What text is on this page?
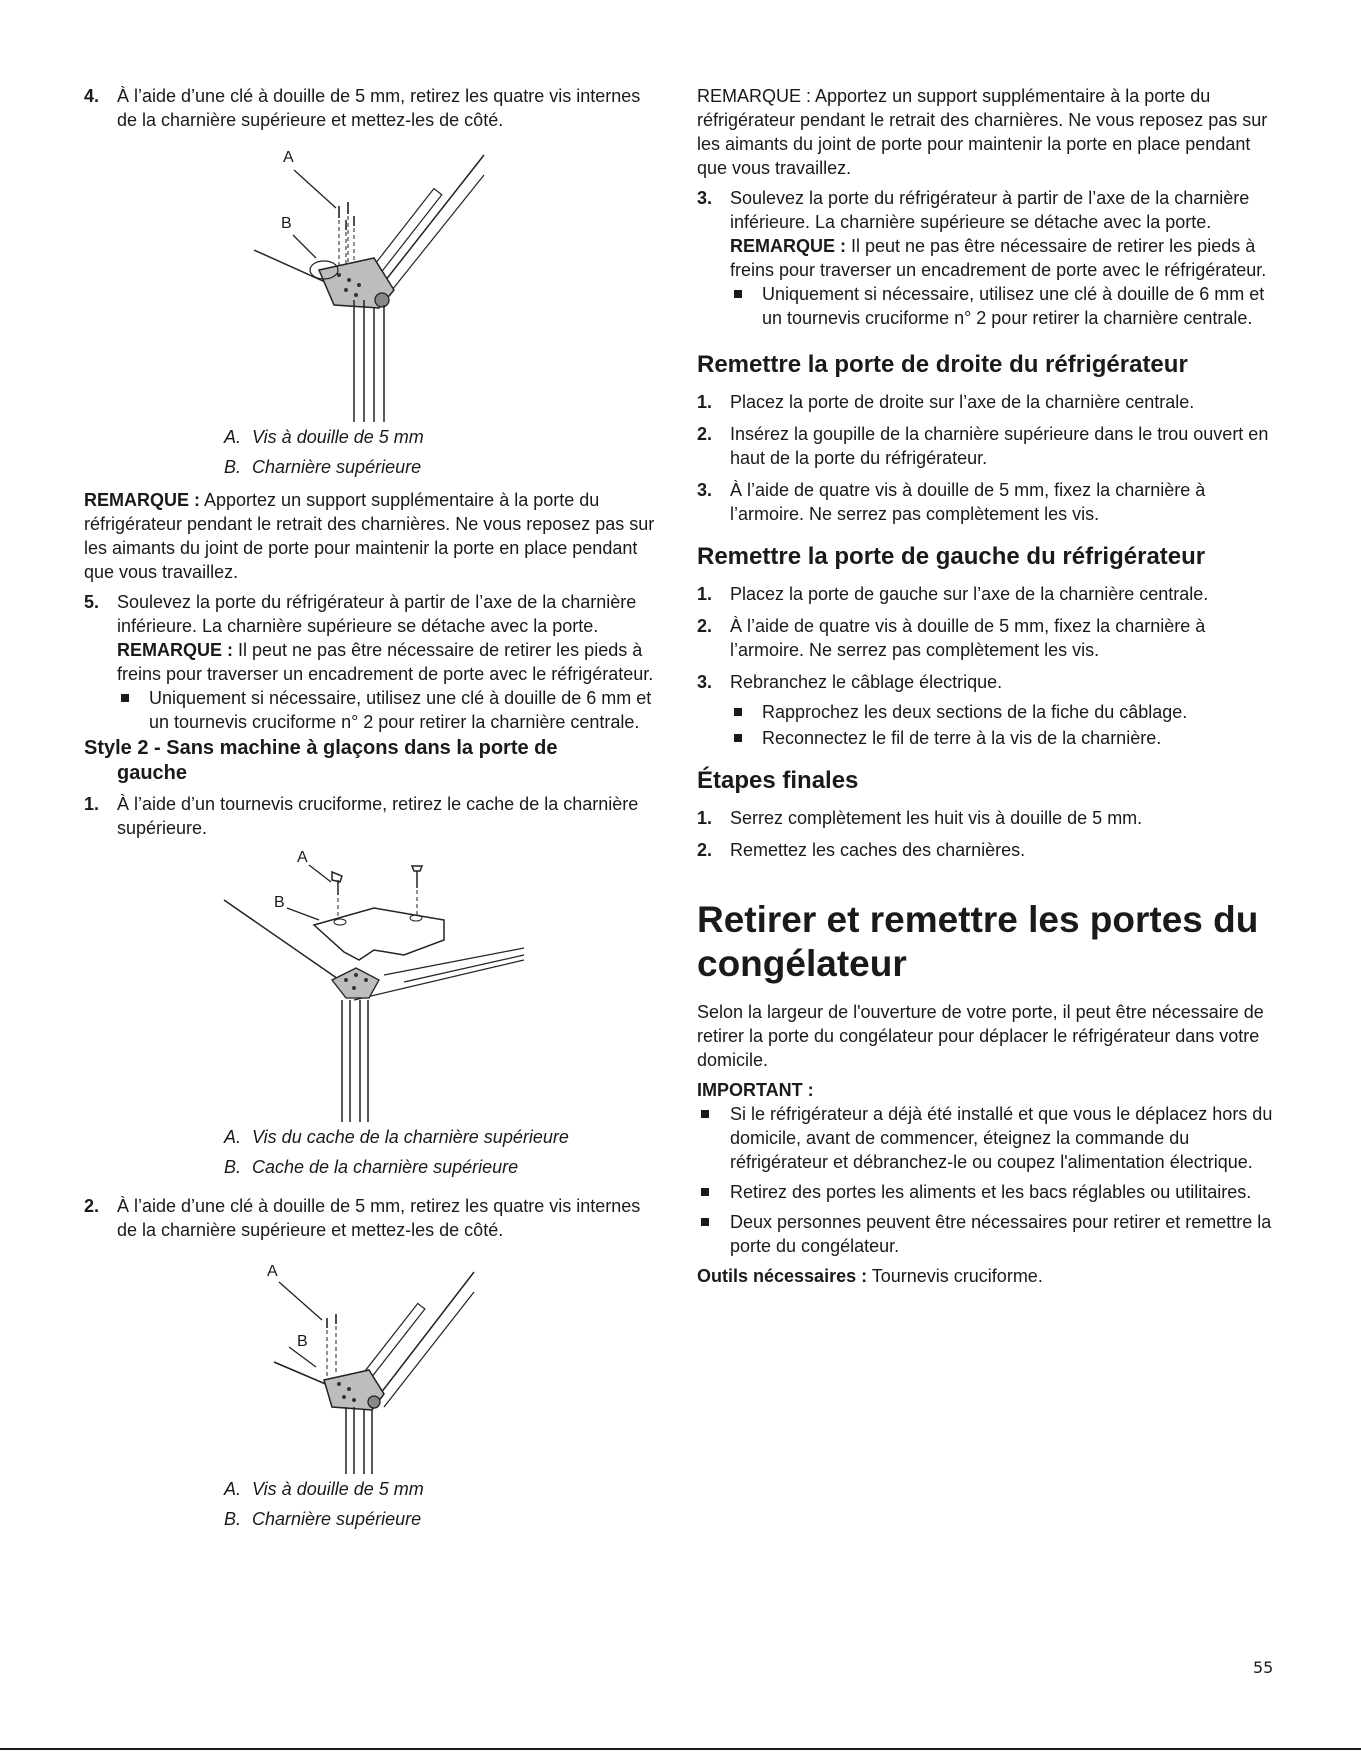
4. À l’aide d’une clé à douille de 5 mm, retirez les quatre vis internes de la charnière supérieure et mettez-les de côté.

A
B

A. Vis à douille de 5 mm

B. Charnière supérieure

REMARQUE : Apportez un support supplémentaire à la porte du réfrigérateur pendant le retrait des charnières. Ne vous reposez pas sur les aimants du joint de porte pour maintenir la porte en place pendant que vous travaillez.

5. Soulevez la porte du réfrigérateur à partir de l’axe de la charnière inférieure. La charnière supérieure se détache avec la porte.

REMARQUE : Il peut ne pas être nécessaire de retirer les pieds à freins pour traverser un encadrement de porte avec le réfrigérateur.

Uniquement si nécessaire, utilisez une clé à douille de 6 mm et un tournevis cruciforme n° 2 pour retirer la charnière centrale.

Style 2 - Sans machine à glaçons dans la porte de
gauche
1. À l’aide d’un tournevis cruciforme, retirez le cache de la charnière supérieure.

A
B

A. Vis du cache de la charnière supérieure

B. Cache de la charnière supérieure

2. À l’aide d’une clé à douille de 5 mm, retirez les quatre vis internes de la charnière supérieure et mettez-les de côté.

A
B

A. Vis à douille de 5 mm

B. Charnière supérieure

REMARQUE : Apportez un support supplémentaire à la porte du réfrigérateur pendant le retrait des charnières. Ne vous reposez pas sur les aimants du joint de porte pour maintenir la porte en place pendant que vous travaillez.

3. Soulevez la porte du réfrigérateur à partir de l’axe de la charnière inférieure. La charnière supérieure se détache avec la porte.

REMARQUE : Il peut ne pas être nécessaire de retirer les pieds à freins pour traverser un encadrement de porte avec le réfrigérateur.

Uniquement si nécessaire, utilisez une clé à douille de 6 mm et un tournevis cruciforme n° 2 pour retirer la charnière centrale.

Remettre la porte de droite du réfrigérateur
1. Placez la porte de droite sur l’axe de la charnière centrale.

2. Insérez la goupille de la charnière supérieure dans le trou ouvert en haut de la porte du réfrigérateur.

3. À l’aide de quatre vis à douille de 5 mm, fixez la charnière à l’armoire. Ne serrez pas complètement les vis.

Remettre la porte de gauche du réfrigérateur
1. Placez la porte de gauche sur l’axe de la charnière centrale.

2. À l’aide de quatre vis à douille de 5 mm, fixez la charnière à l’armoire. Ne serrez pas complètement les vis.

3. Rebranchez le câblage électrique.

Rapprochez les deux sections de la fiche du câblage.

Reconnectez le fil de terre à la vis de la charnière.

Étapes finales
1. Serrez complètement les huit vis à douille de 5 mm.

2. Remettez les caches des charnières.

Retirer et remettre les portes du
congélateur

Selon la largeur de l'ouverture de votre porte, il peut être nécessaire de retirer la porte du congélateur pour déplacer le réfrigérateur dans votre domicile.

IMPORTANT :

Si le réfrigérateur a déjà été installé et que vous le déplacez hors du domicile, avant de commencer, éteignez la commande du réfrigérateur et débranchez-le ou coupez l'alimentation électrique.

Retirez des portes les aliments et les bacs réglables ou utilitaires.

Deux personnes peuvent être nécessaires pour retirer et remettre la porte du congélateur.

Outils nécessaires : Tournevis cruciforme.

55
